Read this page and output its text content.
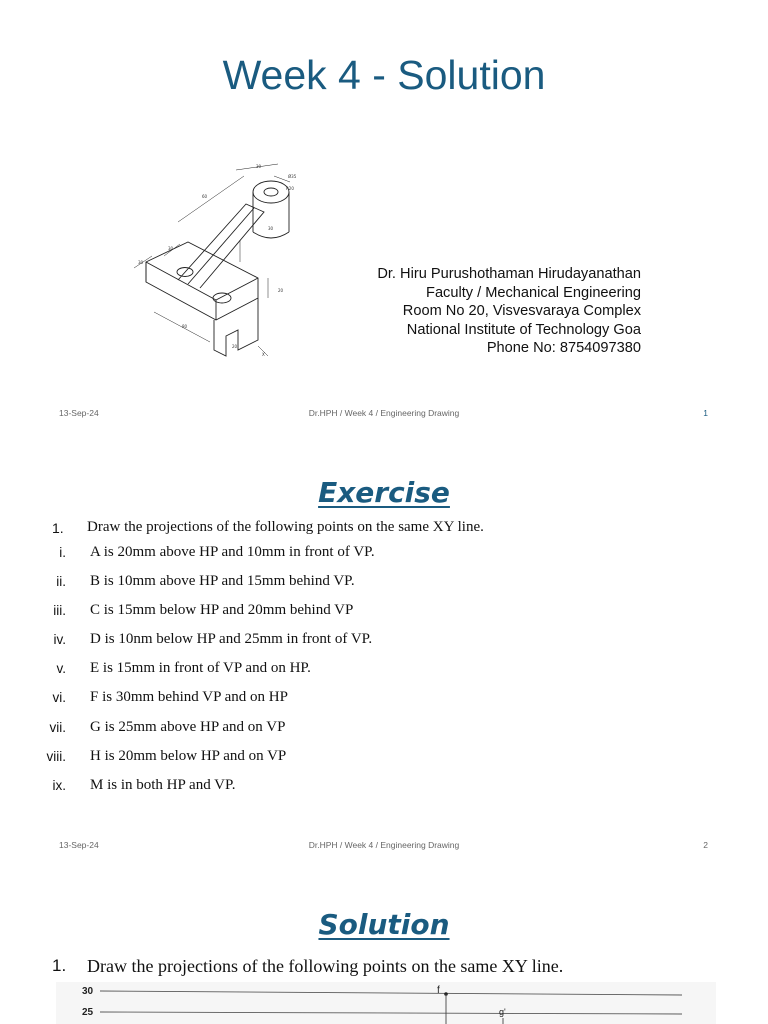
Week 4 - Solution
60
30
Ø35
R20
30
20
80
20
30
30
X
Dr. Hiru Purushothaman Hirudayanathan
Faculty / Mechanical Engineering
Room No 20, Visvesvaraya Complex
National Institute of Technology Goa
Phone No: 8754097380
13-Sep-24	Dr.HPH / Week 4 / Engineering Drawing	1
Exercise
1. Draw the projections of the following points on the same XY line.
i. A is 20mm above HP and 10mm in front of VP.
ii. B is 10mm above HP and 15mm behind VP.
iii. C is 15mm below HP and 20mm behind VP
iv. D is 10nm below HP and 25mm in front of VP.
v. E is 15mm in front of VP and on HP.
vi. F is 30mm behind VP and on HP
vii. G is 25mm above HP and on VP
viii. H is 20mm below HP and on VP
ix. M is in both HP and VP.
13-Sep-24	Dr.HPH / Week 4 / Engineering Drawing	2
Solution
1. Draw the projections of the following points on the same XY line.
30
25
f
g'
